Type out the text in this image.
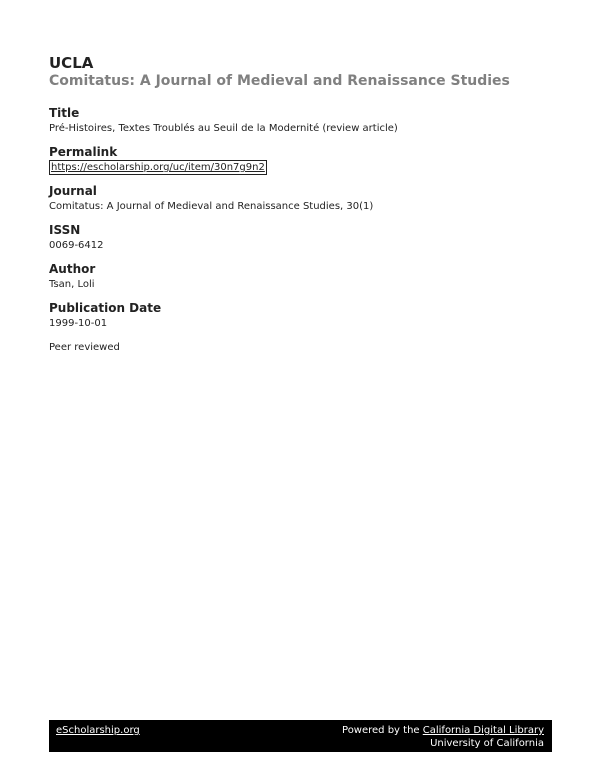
UCLA
Comitatus: A Journal of Medieval and Renaissance Studies
Title
Pré-Histoires, Textes Troublés au Seuil de la Modernité (review article)
Permalink
https://escholarship.org/uc/item/30n7g9n2
Journal
Comitatus: A Journal of Medieval and Renaissance Studies, 30(1)
ISSN
0069-6412
Author
Tsan, Loli
Publication Date
1999-10-01
Peer reviewed
eScholarship.org	Powered by the California Digital Library
University of California
